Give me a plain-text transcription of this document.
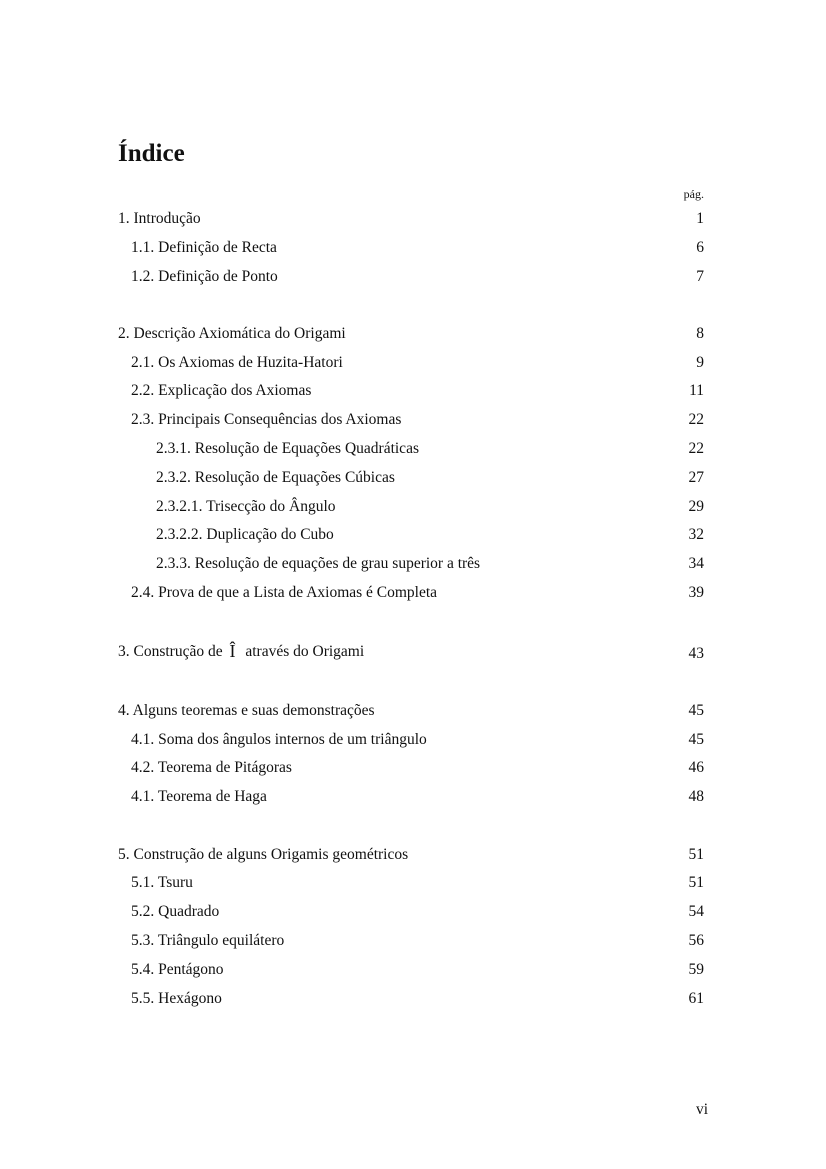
Índice
pág.
1. Introdução	1
1.1. Definição de Recta	6
1.2. Definição de Ponto	7
2. Descrição Axiomática do Origami	8
2.1. Os Axiomas de Huzita-Hatori	9
2.2. Explicação dos Axiomas	11
2.3. Principais Consequências dos Axiomas	22
2.3.1. Resolução de Equações Quadráticas	22
2.3.2. Resolução de Equações Cúbicas	27
2.3.2.1. Trisecção do Ângulo	29
2.3.2.2. Duplicação do Cubo	32
2.3.3. Resolução de equações de grau superior a três	34
2.4. Prova de que a Lista de Axiomas é Completa	39
3. Construção de Î através do Origami	43
4. Alguns teoremas e suas demonstrações	45
4.1. Soma dos ângulos internos de um triângulo	45
4.2. Teorema de Pitágoras	46
4.1. Teorema de Haga	48
5. Construção de alguns Origamis geométricos	51
5.1. Tsuru	51
5.2. Quadrado	54
5.3. Triângulo equilátero	56
5.4. Pentágono	59
5.5. Hexágono	61
vi
